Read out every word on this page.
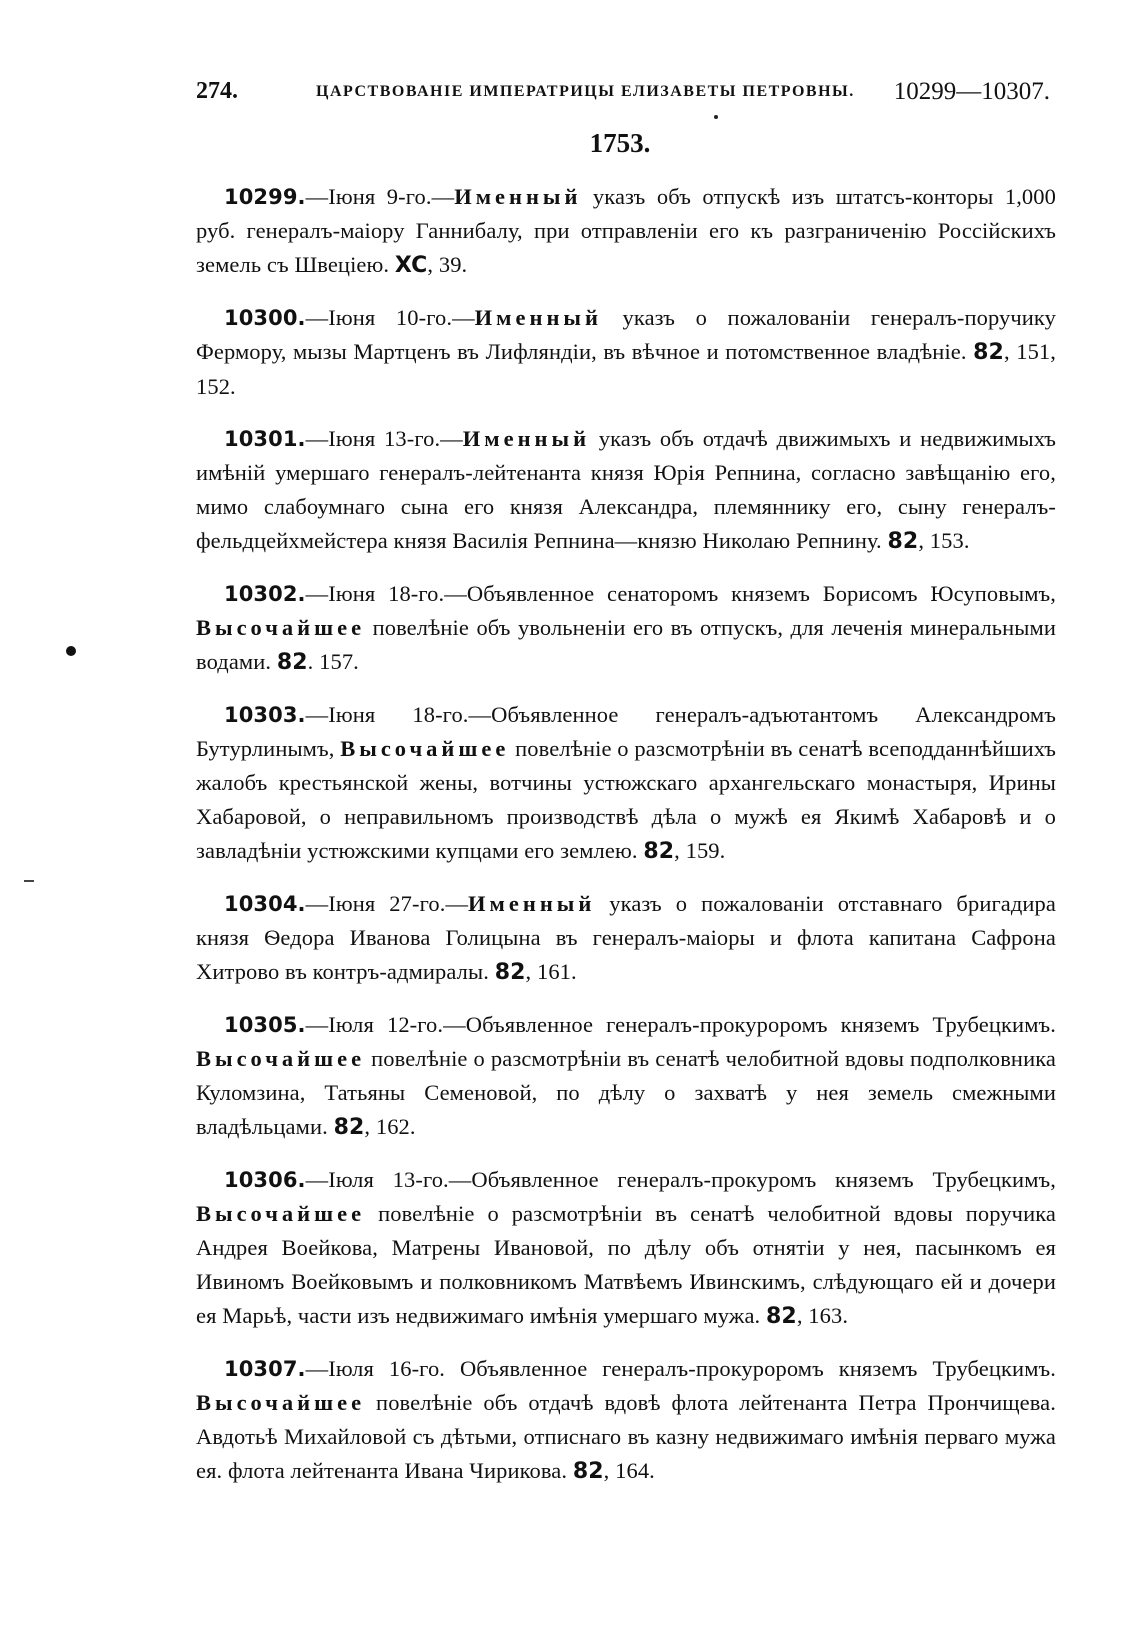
274.	ЦАРСТВОВАНІЕ ИМПЕРАТРИЦЫ ЕЛИЗАВЕТЫ ПЕТРОВНЫ. 10299—10307.
1753.

10299.—Іюня 9-го.—Именный указъ объ отпускѣ изъ штатсъ-конторы 1,000 руб. генералъ-маіору Ганнибалу, при отправленіи его къ разграниченію Россійскихъ земель съ Швеціею. XC, 39.

10300.—Іюня 10-го.—Именный указъ о пожалованіи генералъ-поручику Фермору, мызы Мартценъ въ Лифляндіи, въ вѣчное и потомственное владѣніе. 82, 151, 152.

10301.—Іюня 13-го.—Именный указъ объ отдачѣ движимыхъ и недвижимыхъ имѣній умершаго генералъ-лейтенанта князя Юрія Репнина, согласно завѣщанію его, мимо слабоумнаго сына его князя Александра, племяннику его, сыну генералъ-фельдцейхмейстера князя Василія Репнина—князю Николаю Репнину. 82, 153.

10302.—Іюня 18-го.—Объявленное сенаторомъ княземъ Борисомъ Юсуповымъ, Высочайшее повелѣніе объ увольненіи его въ отпускъ, для леченія минеральными водами. 82. 157.

10303.—Іюня 18-го.—Объявленное генералъ-адъютантомъ Александромъ Бутурлинымъ, Высочайшее повелѣніе о разсмотрѣніи въ сенатѣ всеподданнѣйшихъ жалобъ крестьянской жены, вотчины устюжскаго архангельскаго монастыря, Ирины Хабаровой, о неправильномъ производствѣ дѣла о мужѣ ея Якимѣ Хабаровѣ и о завладѣніи устюжскими купцами его землею. 82, 159.

10304.—Іюня 27-го.—Именный указъ о пожалованіи отставнаго бригадира князя Ѳедора Иванова Голицына въ генералъ-маіоры и флота капитана Сафрона Хитрово въ контръ-адмиралы. 82, 161.

10305.—Іюля 12-го.—Объявленное генералъ-прокуроромъ княземъ Трубецкимъ. Высочайшее повелѣніе о разсмотрѣніи въ сенатѣ челобитной вдовы подполковника Куломзина, Татьяны Семеновой, по дѣлу о захватѣ у нея земель смежными владѣльцами. 82, 162.

10306.—Іюля 13-го.—Объявленное генералъ-прокуромъ княземъ Трубецкимъ, Высочайшее повелѣніе о разсмотрѣніи въ сенатѣ челобитной вдовы поручика Андрея Воейкова, Матрены Ивановой, по дѣлу объ отнятіи у нея, пасынкомъ ея Ивиномъ Воейковымъ и полковникомъ Матвѣемъ Ивинскимъ, слѣдующаго ей и дочери ея Марьѣ, части изъ недвижимаго имѣнія умершаго мужа. 82, 163.

10307.—Іюля 16-го. Объявленное генералъ-прокуроромъ княземъ Трубецкимъ. Высочайшее повелѣніе объ отдачѣ вдовѣ флота лейтенанта Петра Прончищева. Авдотьѣ Михайловой съ дѣтьми, отписнаго въ казну недвижимаго имѣнія перваго мужа ея. флота лейтенанта Ивана Чирикова. 82, 164.
